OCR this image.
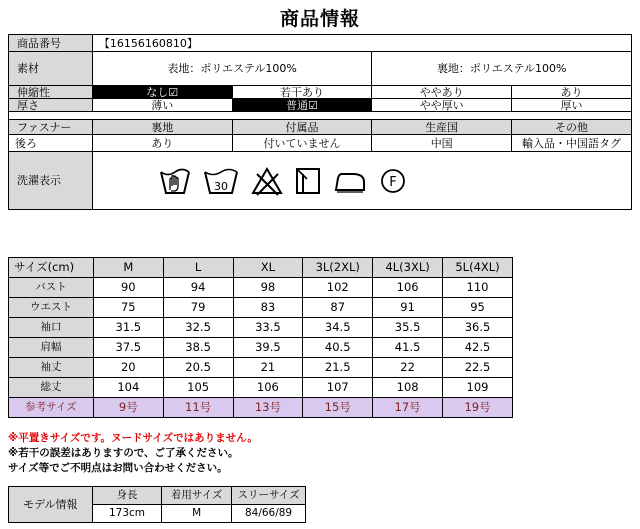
商品情報
商品番号	【16156160810】			
素材	表地：ポリエステル100%		裏地：ポリエステル100%	
伸縮性	なし☑	若干あり	ややあり	あり
厚さ	薄い	普通☑	やや厚い	厚い

ファスナー	裏地	付属品	生産国	その他
後ろ	あり	付いていません	中国	輸入品・中国語タグ
洗濯表示	30 F			
サイズ(cm)	M	L	XL	3L(2XL)	4L(3XL)	5L(4XL)
バスト	90	94	98	102	106	110
ウエスト	75	79	83	87	91	95
袖口	31.5	32.5	33.5	34.5	35.5	36.5
肩幅	37.5	38.5	39.5	40.5	41.5	42.5
袖丈	20	20.5	21	21.5	22	22.5
総丈	104	105	106	107	108	109
参考サイズ	9号	11号	13号	15号	17号	19号
※平置きサイズです。ヌードサイズではありません。
※若干の誤差はありますので、ご了承ください。
サイズ等でご不明点はお問い合わせください。
モデル情報	身長	着用サイズ	スリーサイズ
	173cm	M	84/66/89
